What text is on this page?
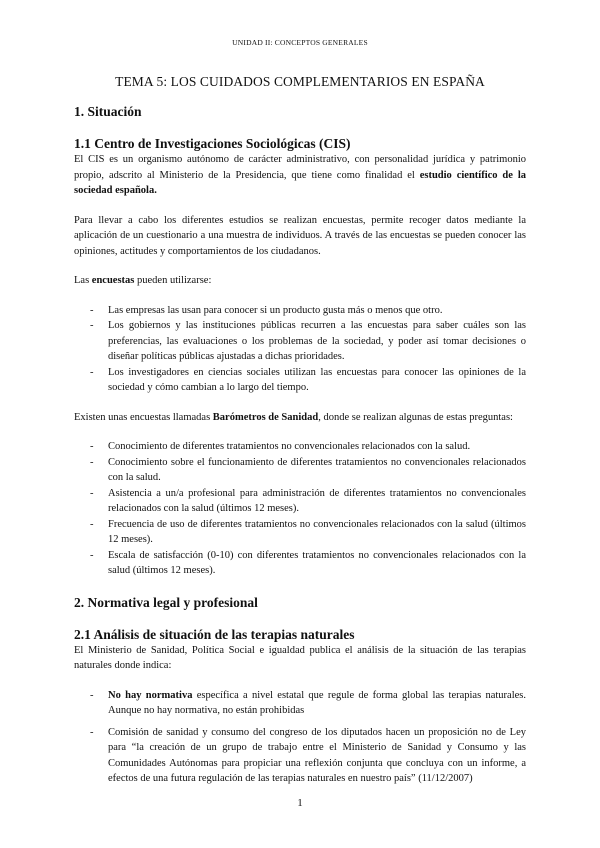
UNIDAD II: CONCEPTOS GENERALES
TEMA 5: LOS CUIDADOS COMPLEMENTARIOS EN ESPAÑA
1. Situación
1.1 Centro de Investigaciones Sociológicas (CIS)

El CIS es un organismo autónomo de carácter administrativo, con personalidad jurídica y patrimonio propio, adscrito al Ministerio de la Presidencia, que tiene como finalidad el estudio científico de la sociedad española.

Para llevar a cabo los diferentes estudios se realizan encuestas, permite recoger datos mediante la aplicación de un cuestionario a una muestra de individuos. A través de las encuestas se pueden conocer las opiniones, actitudes y comportamientos de los ciudadanos.

Las encuestas pueden utilizarse:

- Las empresas las usan para conocer si un producto gusta más o menos que otro.
- Los gobiernos y las instituciones públicas recurren a las encuestas para saber cuáles son las preferencias, las evaluaciones o los problemas de la sociedad, y poder así tomar decisiones o diseñar políticas públicas ajustadas a dichas prioridades.
- Los investigadores en ciencias sociales utilizan las encuestas para conocer las opiniones de la sociedad y cómo cambian a lo largo del tiempo.

Existen unas encuestas llamadas Barómetros de Sanidad, donde se realizan algunas de estas preguntas:

- Conocimiento de diferentes tratamientos no convencionales relacionados con la salud.
- Conocimiento sobre el funcionamiento de diferentes tratamientos no convencionales relacionados con la salud.
- Asistencia a un/a profesional para administración de diferentes tratamientos no convencionales relacionados con la salud (últimos 12 meses).
- Frecuencia de uso de diferentes tratamientos no convencionales relacionados con la salud (últimos 12 meses).
- Escala de satisfacción (0-10) con diferentes tratamientos no convencionales relacionados con la salud (últimos 12 meses).
2. Normativa legal y profesional
2.1 Análisis de situación de las terapias naturales

El Ministerio de Sanidad, Política Social e igualdad publica el análisis de la situación de las terapias naturales donde indica:

- No hay normativa específica a nivel estatal que regule de forma global las terapias naturales. Aunque no hay normativa, no están prohibidas
- Comisión de sanidad y consumo del congreso de los diputados hacen un proposición no de Ley para “la creación de un grupo de trabajo entre el Ministerio de Sanidad y Consumo y las Comunidades Autónomas para propiciar una reflexión conjunta que concluya con un informe, a efectos de una futura regulación de las terapias naturales en nuestro país” (11/12/2007)
1
